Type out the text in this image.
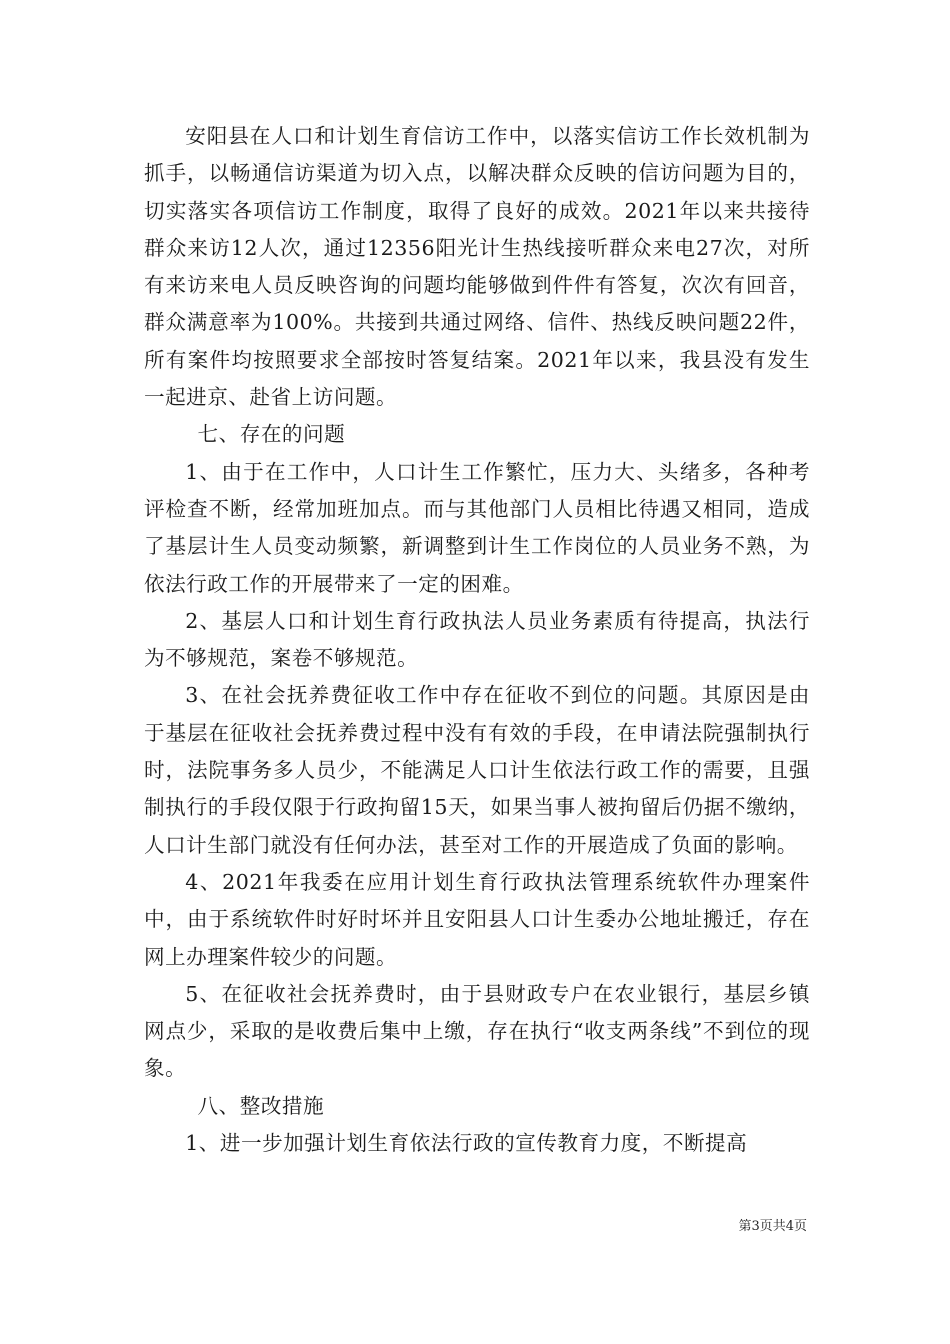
安阳县在人口和计划生育信访工作中，以落实信访工作长效机制为抓手，以畅通信访渠道为切入点，以解决群众反映的信访问题为目的，切实落实各项信访工作制度，取得了良好的成效。2021年以来共接待群众来访12人次，通过12356阳光计生热线接听群众来电27次，对所有来访来电人员反映咨询的问题均能够做到件件有答复，次次有回音，群众满意率为100%。共接到共通过网络、信件、热线反映问题22件，所有案件均按照要求全部按时答复结案。2021年以来，我县没有发生一起进京、赴省上访问题。

七、存在的问题

1、由于在工作中，人口计生工作繁忙，压力大、头绪多，各种考评检查不断，经常加班加点。而与其他部门人员相比待遇又相同，造成了基层计生人员变动频繁，新调整到计生工作岗位的人员业务不熟，为依法行政工作的开展带来了一定的困难。

2、基层人口和计划生育行政执法人员业务素质有待提高，执法行为不够规范，案卷不够规范。

3、在社会抚养费征收工作中存在征收不到位的问题。其原因是由于基层在征收社会抚养费过程中没有有效的手段，在申请法院强制执行时，法院事务多人员少，不能满足人口计生依法行政工作的需要，且强制执行的手段仅限于行政拘留15天，如果当事人被拘留后仍据不缴纳，人口计生部门就没有任何办法，甚至对工作的开展造成了负面的影响。

4、2021年我委在应用计划生育行政执法管理系统软件办理案件中，由于系统软件时好时坏并且安阳县人口计生委办公地址搬迁，存在网上办理案件较少的问题。

5、在征收社会抚养费时，由于县财政专户在农业银行，基层乡镇网点少，采取的是收费后集中上缴，存在执行“收支两条线”不到位的现象。

八、整改措施

1、进一步加强计划生育依法行政的宣传教育力度，不断提高

第3页共4页
